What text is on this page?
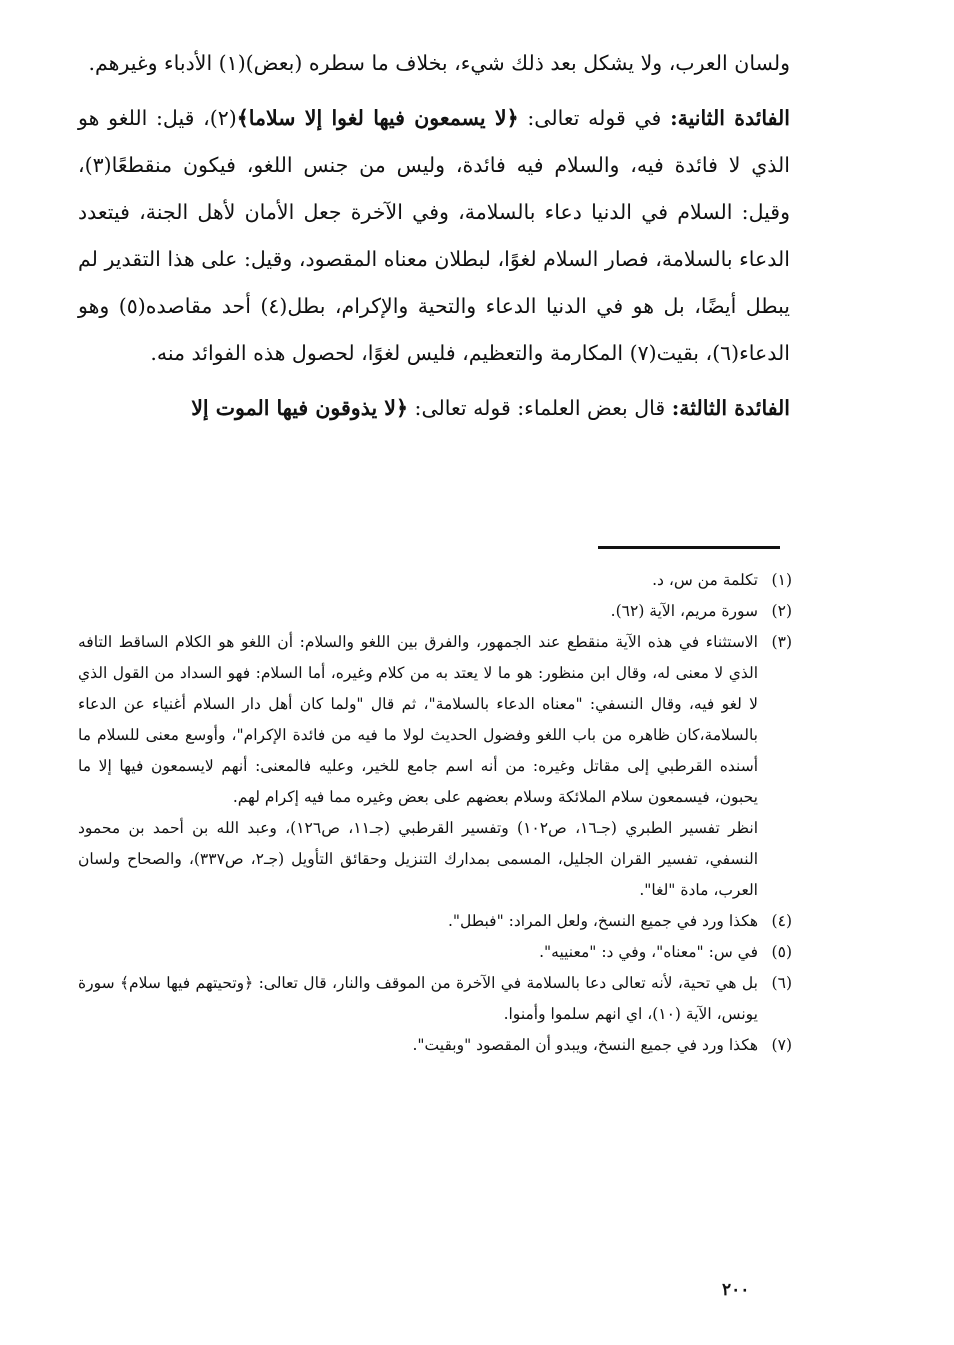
ولسان العرب، ولا يشكل بعد ذلك شيء، بخلاف ما سطره (بعض)(١) الأدباء وغيرهم.

الفائدة الثانية: في قوله تعالى: ﴿لا يسمعون فيها لغوا إلا سلاما﴾(٢)، قيل: اللغو هو الذي لا فائدة فيه، والسلام فيه فائدة، وليس من جنس اللغو، فيكون منقطعًا(٣)، وقيل: السلام في الدنيا دعاء بالسلامة، وفي الآخرة جعل الأمان لأهل الجنة، فيتعدد الدعاء بالسلامة، فصار السلام لغوًا، لبطلان معناه المقصود، وقيل: على هذا التقدير لم يبطل أيضًا، بل هو في الدنيا الدعاء والتحية والإكرام، بطل(٤) أحد مقاصده(٥) وهو الدعاء(٦)، بقيت(٧) المكارمة والتعظيم، فليس لغوًا، لحصول هذه الفوائد منه.

الفائدة الثالثة: قال بعض العلماء: قوله تعالى: ﴿لا يذوقون فيها الموت إلا

(١)
تكلمة من س، د.
(٢)
سورة مريم، الآية (٦٢).
(٣)
الاستثناء في هذه الآية منقطع عند الجمهور، والفرق بين اللغو والسلام: أن اللغو هو الكلام الساقط التافه الذي لا معنى له، وقال ابن منظور: هو ما لا يعتد به من كلام وغيره، أما السلام: فهو السداد من القول الذي لا لغو فيه، وقال النسفي: "معناه الدعاء بالسلامة"، ثم قال "ولما كان أهل دار السلام أغنياء عن الدعاء بالسلامة،كان ظاهره من باب اللغو وفضول الحديث لولا ما فيه من فائدة الإكرام"، وأوسع معنى للسلام ما أسنده القرطبي إلى مقاتل وغيره: من أنه اسم جامع للخير، وعليه فالمعنى: أنهم لايسمعون فيها إلا ما يحبون، فيسمعون سلام الملائكة وسلام بعضهم على بعض وغيره مما فيه إكرام لهم.
انظر تفسير الطبري (جـ١٦، ص١٠٢) وتفسير القرطبي (جـ١١، ص١٢٦)، وعبد الله بن أحمد بن محمود النسفي، تفسير القران الجليل، المسمى بمدارك التنزيل وحقائق التأويل (جـ٢، ص٣٣٧)، والصحاح ولسان العرب، مادة "لغا".
(٤)
هكذا ورد في جميع النسخ، ولعل المراد: "فبطل".
(٥)
في س: "معناه"، وفي د: "معنييه".
(٦)
بل هي تحية، لأنه تعالى دعا بالسلامة في الآخرة من الموقف والنار، قال تعالى: ﴿وتحيتهم فيها سلام﴾ سورة يونس، الآية (١٠)، اي انهم سلموا وأمنوا.
(٧)
هكذا ورد في جميع النسخ، ويبدو أن المقصود "وبقيت".
٢٠٠
